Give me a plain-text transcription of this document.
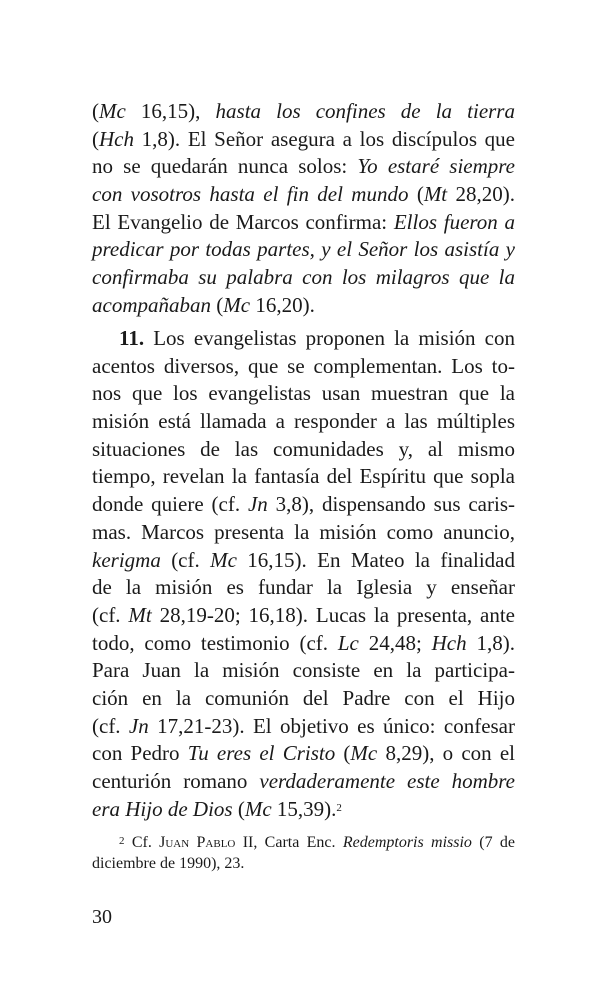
(Mc 16,15), hasta los confines de la tierra
(Hch 1,8). El Señor asegura a los discípulos que
no se quedarán nunca solos: Yo estaré siempre
con vosotros hasta el fin del mundo (Mt 28,20).
El Evangelio de Marcos confirma: Ellos fueron a
predicar por todas partes, y el Señor los asistía y
confirmaba su palabra con los milagros que la
acompañaban (Mc 16,20).
11. Los evangelistas proponen la misión con
acentos diversos, que se complementan. Los to-
nos que los evangelistas usan muestran que la
misión está llamada a responder a las múltiples
situaciones de las comunidades y, al mismo
tiempo, revelan la fantasía del Espíritu que sopla
donde quiere (cf. Jn 3,8), dispensando sus caris-
mas. Marcos presenta la misión como anuncio,
kerigma (cf. Mc 16,15). En Mateo la finalidad
de la misión es fundar la Iglesia y enseñar
(cf. Mt 28,19-20; 16,18). Lucas la presenta, ante
todo, como testimonio (cf. Lc 24,48; Hch 1,8).
Para Juan la misión consiste en la participa-
ción en la comunión del Padre con el Hijo
(cf. Jn 17,21-23). El objetivo es único: confesar
con Pedro Tu eres el Cristo (Mc 8,29), o con el
centurión romano verdaderamente este hombre
era Hijo de Dios (Mc 15,39).$^2$
$^2$ Cf. Juan Pablo II, Carta Enc. Redemptoris missio (7 de
diciembre de 1990), 23.
30
